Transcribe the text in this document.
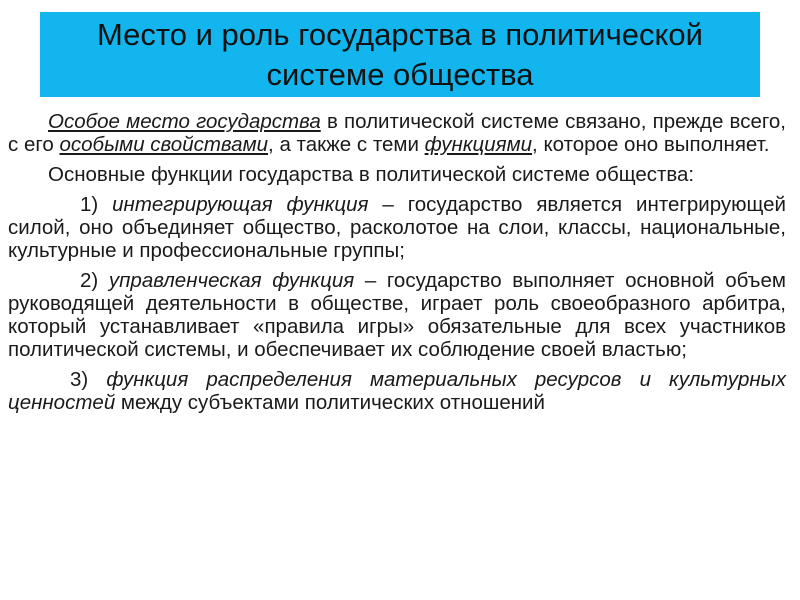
Место и роль государства в политической системе общества

Особое место государства в политической системе связано, прежде всего, с его особыми свойствами, а также с теми функциями, которое оно выполняет.

Основные функции государства в политической системе общества:

1) интегрирующая функция – государство является интегрирующей силой, оно объединяет общество, расколотое на слои, классы, национальные, культурные и профессиональные группы;

2) управленческая функция – государство выполняет основной объем руководящей деятельности в обществе, играет роль своеобразного арбитра, который устанавливает «правила игры» обязательные для всех участников политической системы, и обеспечивает их соблюдение своей властью;

3) функция распределения материальных ресурсов и культурных ценностей между субъектами политических отношений
